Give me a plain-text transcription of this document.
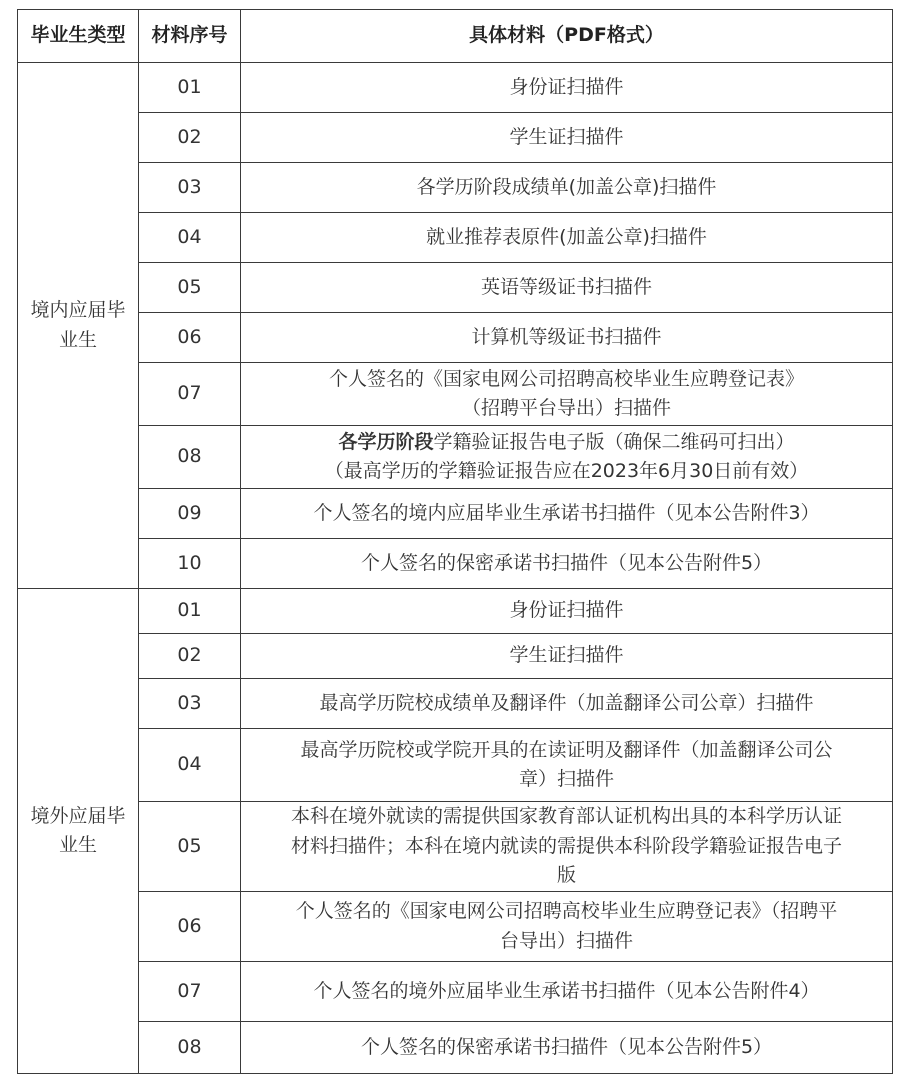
毕业生类型	材料序号	具体材料（PDF格式）
境内应届毕业生	01	身份证扫描件

	02	学生证扫描件

	03	各学历阶段成绩单(加盖公章)扫描件

	04	就业推荐表原件(加盖公章)扫描件

	05	英语等级证书扫描件

	06	计算机等级证书扫描件

	07	个人签名的《国家电网公司招聘高校毕业生应聘登记表》
（招聘平台导出）扫描件

	08	各学历阶段学籍验证报告电子版（确保二维码可扫出）
（最高学历的学籍验证报告应在2023年6月30日前有效）

	09	个人签名的境内应届毕业生承诺书扫描件（见本公告附件3）

	10	个人签名的保密承诺书扫描件（见本公告附件5）

境外应届毕业生	01	身份证扫描件

	02	学生证扫描件

	03	最高学历院校成绩单及翻译件（加盖翻译公司公章）扫描件

	04	最高学历院校或学院开具的在读证明及翻译件（加盖翻译公司公
章）扫描件

	05	本科在境外就读的需提供国家教育部认证机构出具的本科学历认证
材料扫描件；本科在境内就读的需提供本科阶段学籍验证报告电子
版

	06	个人签名的《国家电网公司招聘高校毕业生应聘登记表》（招聘平
台导出）扫描件

	07	个人签名的境外应届毕业生承诺书扫描件（见本公告附件4）

	08	个人签名的保密承诺书扫描件（见本公告附件5）
